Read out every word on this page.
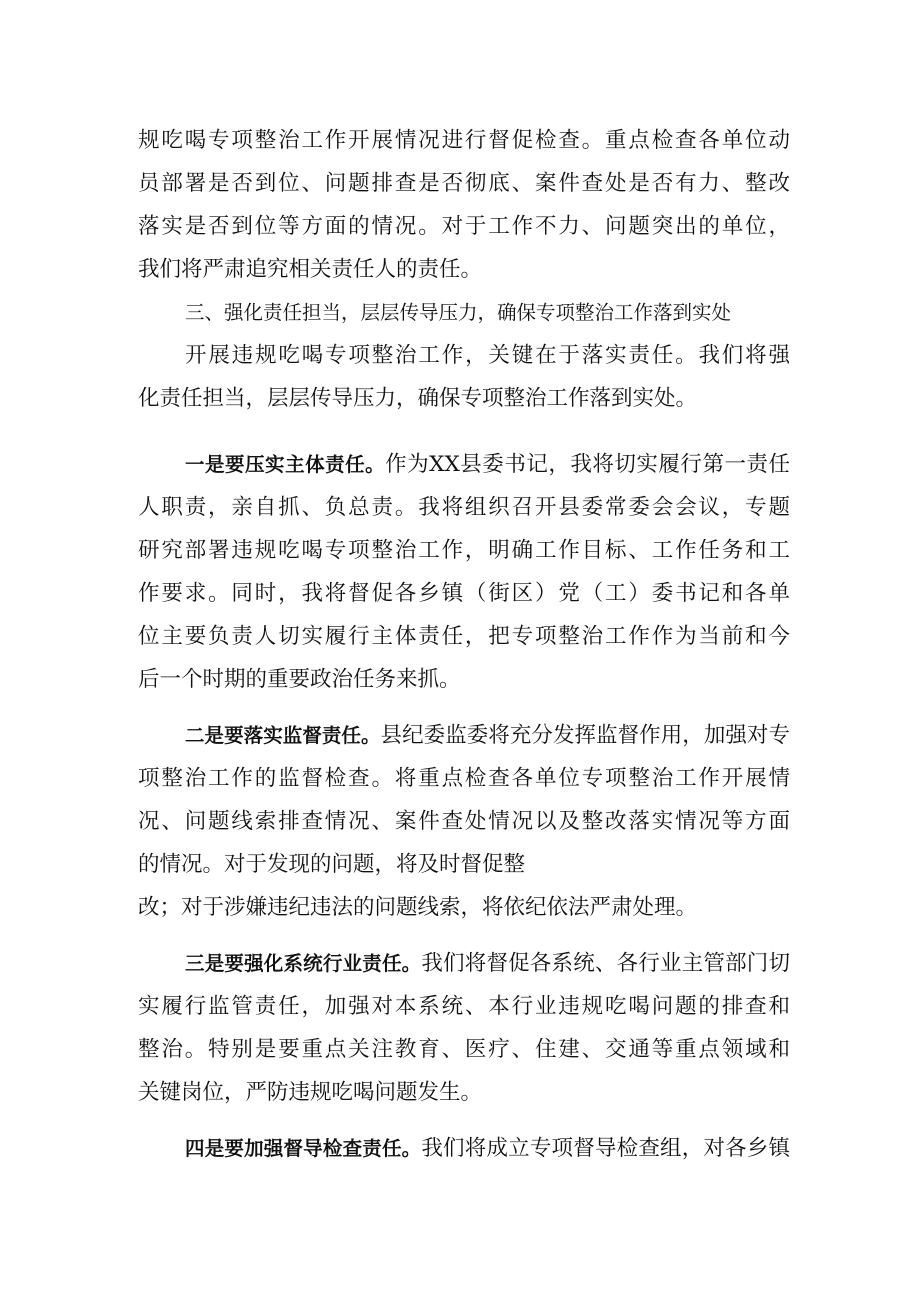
规吃喝专项整治工作开展情况进行督促检查。重点检查各单位动
员部署是否到位、问题排查是否彻底、案件查处是否有力、整改
落实是否到位等方面的情况。对于工作不力、问题突出的单位，
我们将严肃追究相关责任人的责任。
三、强化责任担当，层层传导压力，确保专项整治工作落到实处
开展违规吃喝专项整治工作，关键在于落实责任。我们将强
化责任担当，层层传导压力，确保专项整治工作落到实处。
一是要压实主体责任。作为XX县委书记，我将切实履行第一责任
人职责，亲自抓、负总责。我将组织召开县委常委会会议，专题
研究部署违规吃喝专项整治工作，明确工作目标、工作任务和工
作要求。同时，我将督促各乡镇（街区）党（工）委书记和各单
位主要负责人切实履行主体责任，把专项整治工作作为当前和今
后一个时期的重要政治任务来抓。
二是要落实监督责任。县纪委监委将充分发挥监督作用，加强对专
项整治工作的监督检查。将重点检查各单位专项整治工作开展情
况、问题线索排查情况、案件查处情况以及整改落实情况等方面
的情况。对于发现的问题，将及时督促整
改；对于涉嫌违纪违法的问题线索，将依纪依法严肃处理。
三是要强化系统行业责任。我们将督促各系统、各行业主管部门切
实履行监管责任，加强对本系统、本行业违规吃喝问题的排查和
整治。特别是要重点关注教育、医疗、住建、交通等重点领域和
关键岗位，严防违规吃喝问题发生。
四是要加强督导检查责任。我们将成立专项督导检查组，对各乡镇
